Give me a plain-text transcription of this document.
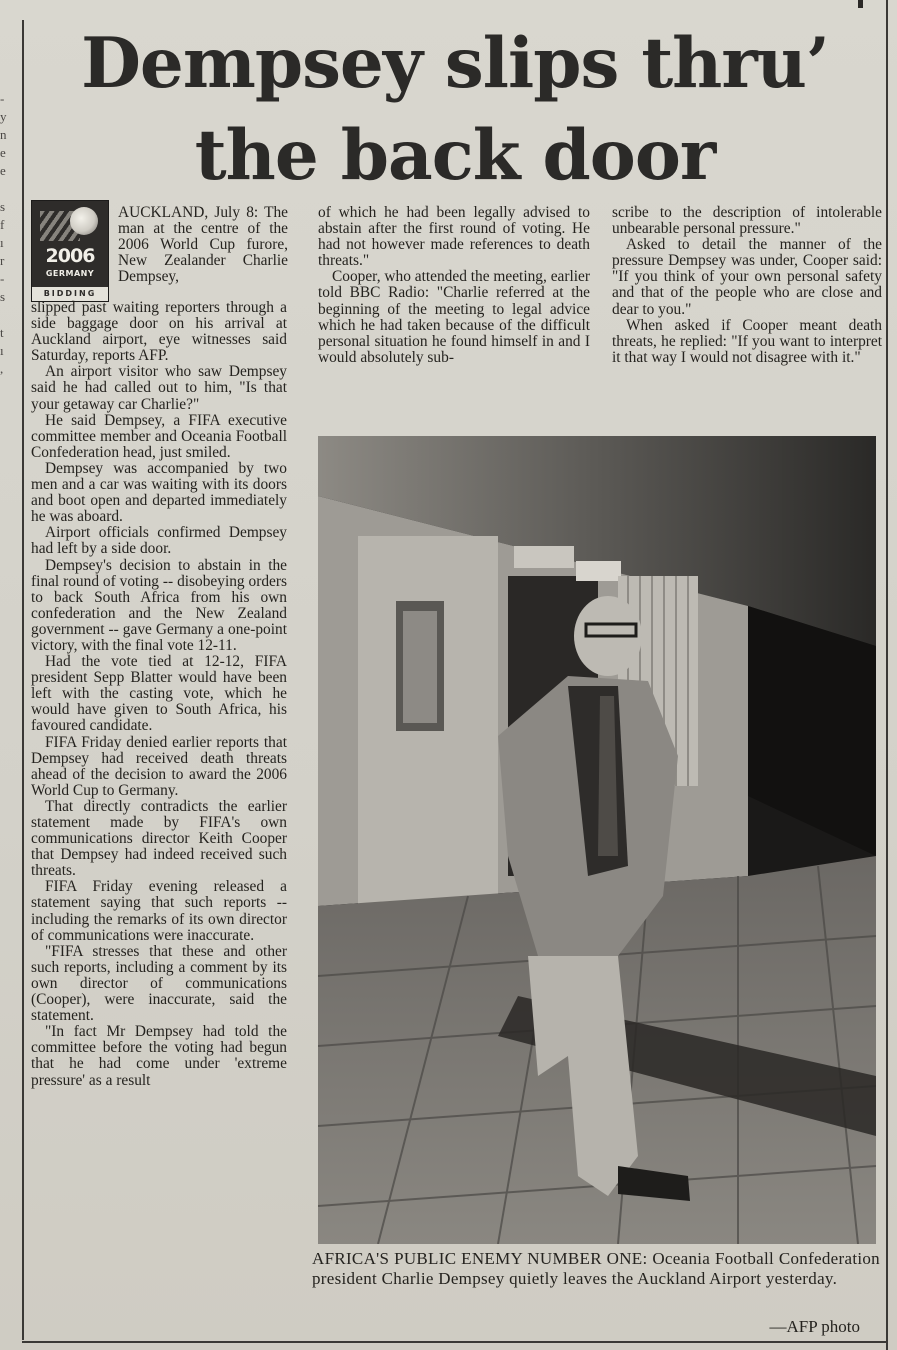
-
y
n
e
e

s
f
ı
r
-
s

t
ı
,
Dempsey slips thru’
the back door
2006
GERMANY
BIDDING

AUCKLAND, July 8: The man at the centre of the 2006 World Cup furore, New Zealander Charlie Dempsey,

slipped past waiting reporters through a side baggage door on his arrival at Auckland airport, eye witnesses said Saturday, reports AFP.

An airport visitor who saw Dempsey said he had called out to him, "Is that your getaway car Charlie?"

He said Dempsey, a FIFA executive committee member and Oceania Football Confederation head, just smiled.

Dempsey was accompanied by two men and a car was waiting with its doors and boot open and departed immediately he was aboard.

Airport officials confirmed Dempsey had left by a side door.

Dempsey's decision to abstain in the final round of voting -- disobeying orders to back South Africa from his own confederation and the New Zealand government -- gave Germany a one-point victory, with the final vote 12-11.

Had the vote tied at 12-12, FIFA president Sepp Blatter would have been left with the casting vote, which he would have given to South Africa, his favoured candidate.

FIFA Friday denied earlier reports that Dempsey had received death threats ahead of the decision to award the 2006 World Cup to Germany.

That directly contradicts the earlier statement made by FIFA's own communications director Keith Cooper that Dempsey had indeed received such threats.

FIFA Friday evening released a statement saying that such reports -- including the remarks of its own director of communications were inaccurate.

"FIFA stresses that these and other such reports, including a comment by its own director of communications (Cooper), were inaccurate, said the statement.

"In fact Mr Dempsey had told the committee before the voting had begun that he had come under 'extreme pressure' as a result

of which he had been legally advised to abstain after the first round of voting. He had not however made references to death threats."

Cooper, who attended the meeting, earlier told BBC Radio: "Charlie referred at the beginning of the meeting to legal advice which he had taken because of the difficult personal situation he found himself in and I would absolutely sub-

scribe to the description of intolerable unbearable personal pressure."

Asked to detail the manner of the pressure Dempsey was under, Cooper said: "If you think of your own personal safety and that of the people who are close and dear to you."

When asked if Cooper meant death threats, he replied: "If you want to interpret it that way I would not disagree with it."

AFRICA'S PUBLIC ENEMY NUMBER ONE: Oceania Football Confederation president Charlie Dempsey quietly leaves the Auckland Airport yesterday.
—AFP photo
